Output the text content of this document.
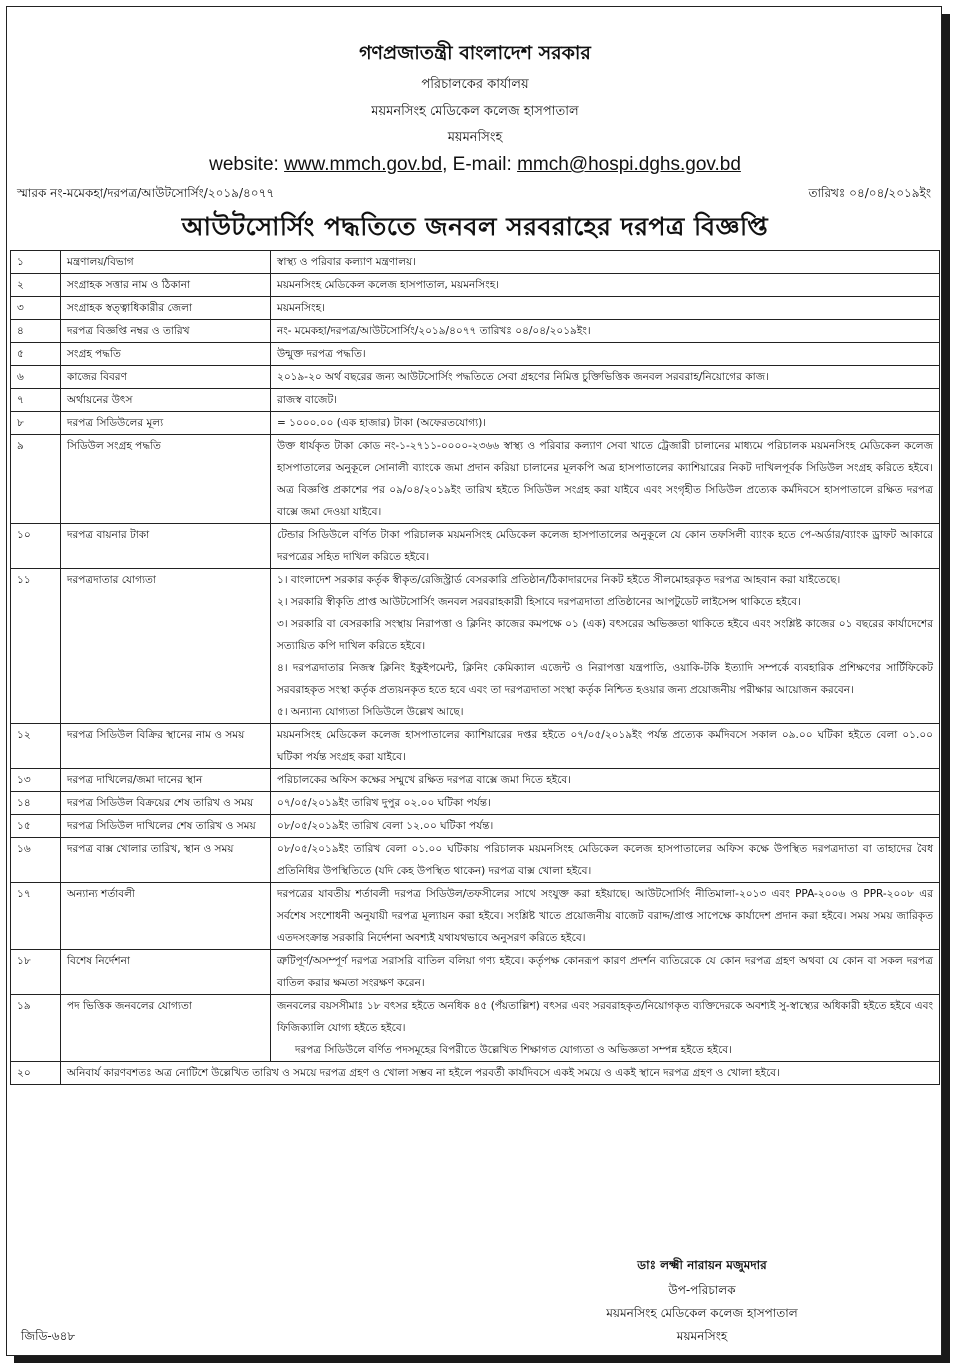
গণপ্রজাতন্ত্রী বাংলাদেশ সরকার
পরিচালকের কার্যালয়
ময়মনসিংহ মেডিকেল কলেজ হাসপাতাল
ময়মনসিংহ
website: www.mmch.gov.bd, E-mail: mmch@hospi.dghs.gov.bd
স্মারক নং-মমেকহা/দরপত্র/আউটসোর্সিং/২০১৯/৪০৭৭	তারিখঃ ০৪/০৪/২০১৯ইং
আউটসোর্সিং পদ্ধতিতে জনবল সরবরাহের দরপত্র বিজ্ঞপ্তি
১	মন্ত্রণালয়/বিভাগ	স্বাস্থ্য ও পরিবার কল্যাণ মন্ত্রণালয়।

২	সংগ্রাহক সত্তার নাম ও ঠিকানা	ময়মনসিংহ মেডিকেল কলেজ হাসপাতাল, ময়মনসিংহ।

৩	সংগ্রাহক স্বত্ত্বাধিকারীর জেলা	ময়মনসিংহ।

৪	দরপত্র বিজ্ঞপ্তি নম্বর ও তারিখ	নং- মমেকহা/দরপত্র/আউটসোর্সিং/২০১৯/৪০৭৭ তারিখঃ ০৪/০৪/২০১৯ইং।

৫	সংগ্রহ পদ্ধতি	উন্মুক্ত দরপত্র পদ্ধতি।

৬	কাজের বিবরণ	২০১৯-২০ অর্থ বছরের জন্য আউটসোর্সিং পদ্ধতিতে সেবা গ্রহণের নিমিত্ত চুক্তিভিত্তিক জনবল সরবরাহ/নিয়োগের কাজ।

৭	অর্থায়নের উৎস	রাজস্ব বাজেট।

৮	দরপত্র সিডিউলের মূল্য	= ১০০০.০০ (এক হাজার) টাকা (অফেরতযোগ্য)।

৯	সিডিউল সংগ্রহ পদ্ধতি	উক্ত ধার্যকৃত টাকা কোড নং-১-২৭১১-০০০০-২৩৬৬ স্বাস্থ্য ও পরিবার কল্যাণ সেবা খাতে ট্রেজারী চালানের মাধ্যমে পরিচালক ময়মনসিংহ মেডিকেল কলেজ হাসপাতালের অনুকূলে সোনালী ব্যাংকে জমা প্রদান করিয়া চালানের মূলকপি অত্র হাসপাতালের ক্যাশিয়ারের নিকট দাখিলপূর্বক সিডিউল সংগ্রহ করিতে হইবে। অত্র বিজ্ঞপ্তি প্রকাশের পর ০৯/০৪/২০১৯ইং তারিখ হইতে সিডিউল সংগ্রহ করা যাইবে এবং সংগৃহীত সিডিউল প্রত্যেক কর্মদিবসে হাসপাতালে রক্ষিত দরপত্র বাক্সে জমা দেওয়া যাইবে।

১০	দরপত্র বায়নার টাকা	টেন্ডার সিডিউলে বর্ণিত টাকা পরিচালক ময়মনসিংহ মেডিকেল কলেজ হাসপাতালের অনুকূলে যে কোন তফসিলী ব্যাংক হতে পে-অর্ডার/ব্যাংক ড্রাফট আকারে দরপত্রের সহিত দাখিল করিতে হইবে।

১১	দরপত্রদাতার যোগ্যতা	১। বাংলাদেশ সরকার কর্তৃক স্বীকৃত/রেজিস্ট্রার্ড বেসরকারি প্রতিষ্ঠান/ঠিকাদারদের নিকট হইতে সীলমোহরকৃত দরপত্র আহবান করা যাইতেছে।
২। সরকারি স্বীকৃতি প্রাপ্ত আউটসোর্সিং জনবল সরবরাহকারী হিসাবে দরপত্রদাতা প্রতিষ্ঠানের আপটুডেট লাইসেন্স থাকিতে হইবে।
৩। সরকারি বা বেসরকারি সংস্থায় নিরাপত্তা ও ক্লিনিং কাজের কমপক্ষে ০১ (এক) বৎসরের অভিজ্ঞতা থাকিতে হইবে এবং সংশ্লিষ্ট কাজের ০১ বছরের কার্যাদেশের সত্যায়িত কপি দাখিল করিতে হইবে।
৪। দরপত্রদাতার নিজস্ব ক্লিনিং ইকুইপমেন্ট, ক্লিনিং কেমিক্যাল এজেন্ট ও নিরাপত্তা যন্ত্রপাতি, ওয়াকি-টকি ইত্যাদি সম্পর্কে ব্যবহারিক প্রশিক্ষণের সার্টিফিকেট সরবরাহকৃত সংস্থা কর্তৃক প্রত্যয়নকৃত হতে হবে এবং তা দরপত্রদাতা সংস্থা কর্তৃক নিশ্চিত হওয়ার জন্য প্রয়োজনীয় পরীক্ষার আয়োজন করবেন।
৫। অন্যান্য যোগ্যতা সিডিউলে উল্লেখ আছে।

১২	দরপত্র সিডিউল বিক্রির স্থানের নাম ও সময়	ময়মনসিংহ মেডিকেল কলেজ হাসপাতালের ক্যাশিয়ারের দপ্তর হইতে ০৭/০৫/২০১৯ইং পর্যন্ত প্রত্যেক কর্মদিবসে সকাল ০৯.০০ ঘটিকা হইতে বেলা ০১.০০ ঘটিকা পর্যন্ত সংগ্রহ করা যাইবে।

১৩	দরপত্র দাখিলের/জমা দানের স্থান	পরিচালকের অফিস কক্ষের সম্মুখে রক্ষিত দরপত্র বাক্সে জমা দিতে হইবে।

১৪	দরপত্র সিডিউল বিক্রয়ের শেষ তারিখ ও সময়	০৭/০৫/২০১৯ইং তারিখ দুপুর ০২.০০ ঘটিকা পর্যন্ত।

১৫	দরপত্র সিডিউল দাখিলের শেষ তারিখ ও সময়	০৮/০৫/২০১৯ইং তারিখ বেলা ১২.০০ ঘটিকা পর্যন্ত।

১৬	দরপত্র বাক্স খোলার তারিখ, স্থান ও সময়	০৮/০৫/২০১৯ইং তারিখ বেলা ০১.০০ ঘটিকায় পরিচালক ময়মনসিংহ মেডিকেল কলেজ হাসপাতালের অফিস কক্ষে উপস্থিত দরপত্রদাতা বা তাহাদের বৈধ প্রতিনিধির উপস্থিতিতে (যদি কেহ উপস্থিত থাকেন) দরপত্র বাক্স খোলা হইবে।

১৭	অন্যান্য শর্তাবলী	দরপত্রের যাবতীয় শর্তাবলী দরপত্র সিডিউল/তফসীলের সাথে সংযুক্ত করা হইয়াছে। আউটসোর্সিং নীতিমালা-২০১৩ এবং PPA-২০০৬ ও PPR-২০০৮ এর সর্বশেষ সংশোধনী অনুযায়ী দরপত্র মূল্যায়ন করা হইবে। সংশ্লিষ্ট খাতে প্রয়োজনীয় বাজেট বরাদ্দ/প্রাপ্ত সাপেক্ষে কার্যাদেশ প্রদান করা হইবে। সময় সময় জারিকৃত এতদসংক্রান্ত সরকারি নির্দেশনা অবশ্যই যথাযথভাবে অনুসরণ করিতে হইবে।

১৮	বিশেষ নির্দেশনা	ত্রুটিপূর্ণ/অসম্পূর্ণ দরপত্র সরাসরি বাতিল বলিয়া গণ্য হইবে। কর্তৃপক্ষ কোনরূপ কারণ প্রদর্শন ব্যতিরেকে যে কোন দরপত্র গ্রহণ অথবা যে কোন বা সকল দরপত্র বাতিল করার ক্ষমতা সংরক্ষণ করেন।

১৯	পদ ভিত্তিক জনবলের যোগ্যতা	জনবলের বয়সসীমাঃ ১৮ বৎসর হইতে অনধিক ৪৫ (পঁয়তাল্লিশ) বৎসর এবং সরবরাহকৃত/নিয়োগকৃত ব্যক্তিদেরকে অবশ্যই সু-স্বাস্থ্যের অধিকারী হইতে হইবে এবং ফিজিক্যালি যোগ্য হইতে হইবে।
দরপত্র সিডিউলে বর্ণিত পদসমূহের বিপরীতে উল্লেখিত শিক্ষাগত যোগ্যতা ও অভিজ্ঞতা সম্পন্ন হইতে হইবে।

২০	অনিবার্য কারণবশতঃ অত্র নোটিশে উল্লেখিত তারিখ ও সময়ে দরপত্র গ্রহণ ও খোলা সম্ভব না হইলে পরবর্তী কার্যদিবসে একই সময়ে ও একই স্থানে দরপত্র গ্রহণ ও খোলা হইবে।	
ডাঃ লক্ষ্মী নারায়ন মজুমদার
উপ-পরিচালক
ময়মনসিংহ মেডিকেল কলেজ হাসপাতাল
ময়মনসিংহ
জিডি-৬৪৮
